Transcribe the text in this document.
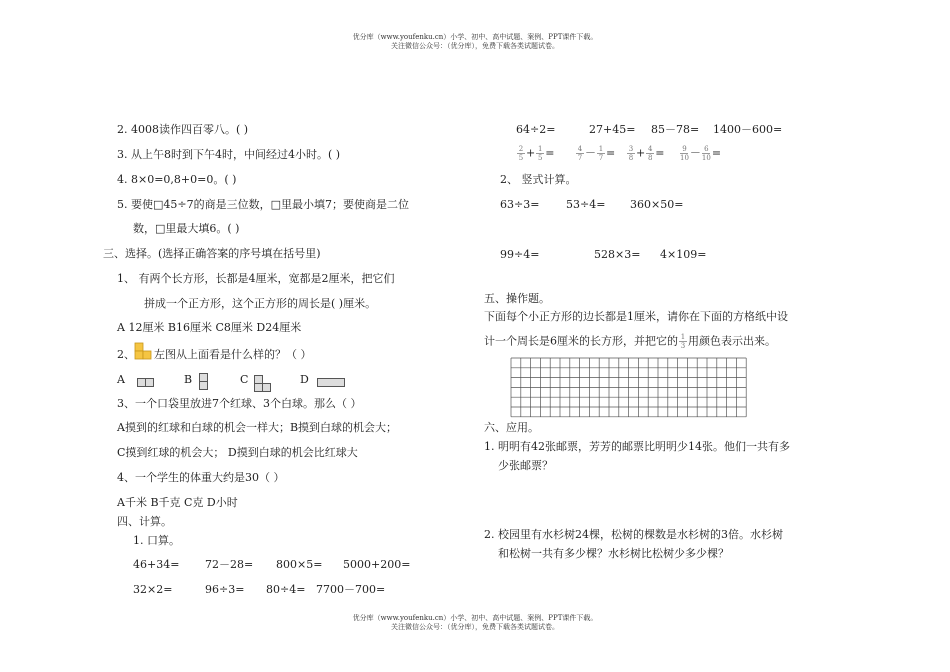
优分库（www.youfenku.cn）小学、初中、高中试题、案例、PPT课件下载。
关注微信公众号：（优分库），免费下载各类试题试卷。
2. 4008读作四百零八。( )
3. 从上午8时到下午4时，中间经过4小时。( )
4. 8×0=0,8+0=0。( )
5. 要使□45÷7的商是三位数，□里最小填7；要使商是二位
数，□里最大填6。( )
三、选择。(选择正确答案的序号填在括号里)
1、 有两个长方形，长都是4厘米，宽都是2厘米，把它们
拼成一个正方形，这个正方形的周长是( )厘米。
A 12厘米 B16厘米 C8厘米 D24厘米
2、 左图从上面看是什么样的？（ ）
A	B	C	D
3、一个口袋里放进7个红球、3个白球。那么（ ）
A摸到的红球和白球的机会一样大；B摸到白球的机会大；
C摸到红球的机会大； D摸到白球的机会比红球大
4、一个学生的体重大约是30（ ）
A千米 B千克 C克 D小时
四、计算。
1. 口算。
46+34= 72－28= 800×5= 5000+200=
32×2=	96÷3= 80÷4= 7700－700=
64÷2=	27+45= 85－78= 1400－600=
$\frac{2}{5} + \frac{1}{5}$ =	$\frac{4}{7} - \frac{1}{7} = \frac{3}{8} + \frac{4}{8} = \frac{9}{10} - \frac{6}{10}$ =
2、 竖式计算。
63÷3= 53÷4= 360×50=
99÷4=	528×3= 4×109=
五、操作题。
下面每个小正方形的边长都是1厘米，请你在下面的方格纸中设
计一个周长是6厘米的长方形，并把它的 $\frac{1}{3}$ 用颜色表示出来。
六、应用。
1. 明明有42张邮票，芳芳的邮票比明明少14张。他们一共有多
少张邮票？
2. 校园里有水杉树24棵，松树的棵数是水杉树的3倍。水杉树
和松树一共有多少棵？水杉树比松树少多少棵？
优分库（www.youfenku.cn）小学、初中、高中试题、案例、PPT课件下载。
关注微信公众号：（优分库），免费下载各类试题试卷。
